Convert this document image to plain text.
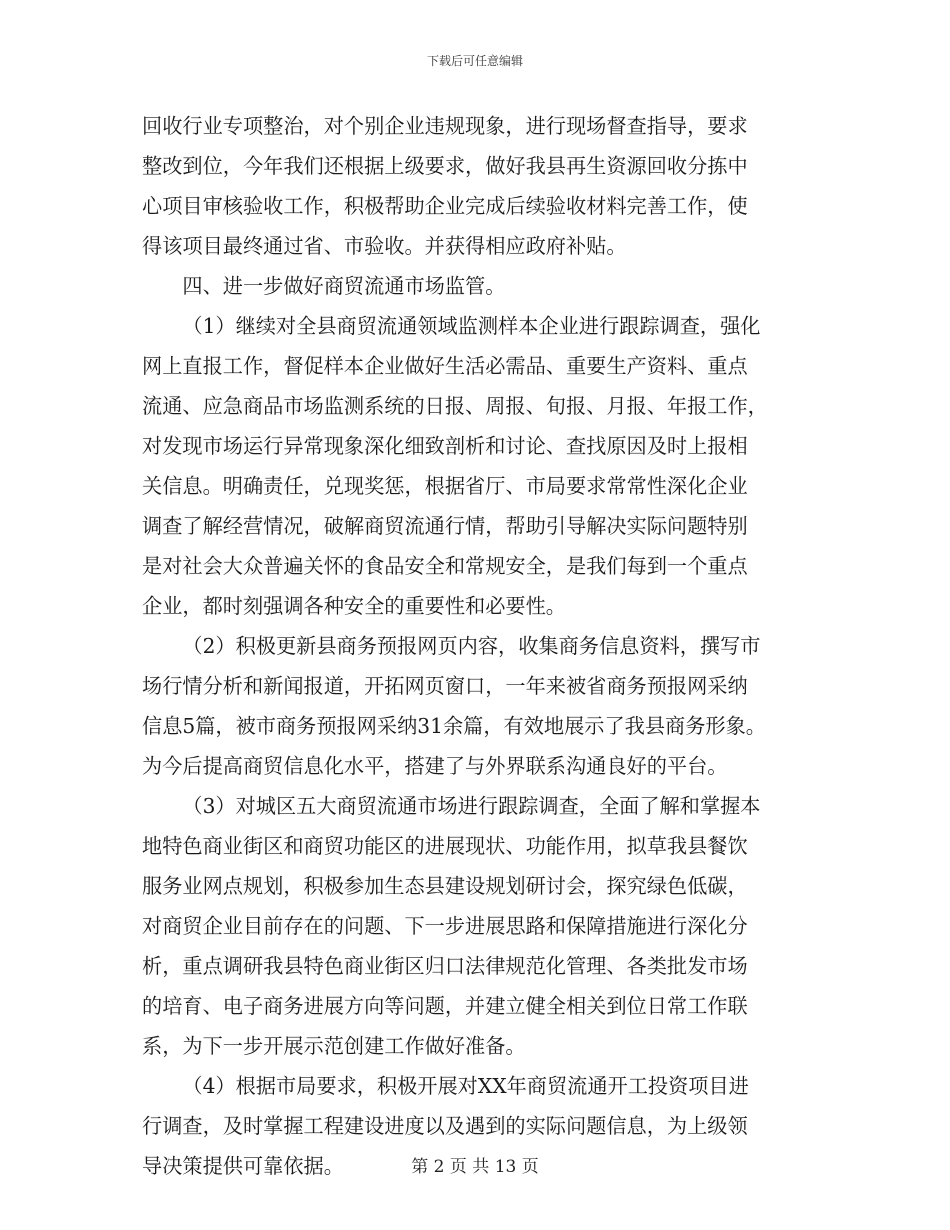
下载后可任意编辑
回收行业专项整治，对个别企业违规现象，进行现场督查指导，要求
整改到位，今年我们还根据上级要求，做好我县再生资源回收分拣中
心项目审核验收工作，积极帮助企业完成后续验收材料完善工作，使
得该项目最终通过省、市验收。并获得相应政府补贴。
四、进一步做好商贸流通市场监管。
（1）继续对全县商贸流通领域监测样本企业进行跟踪调查，强化
网上直报工作，督促样本企业做好生活必需品、重要生产资料、重点
流通、应急商品市场监测系统的日报、周报、旬报、月报、年报工作，
对发现市场运行异常现象深化细致剖析和讨论、查找原因及时上报相
关信息。明确责任，兑现奖惩，根据省厅、市局要求常常性深化企业
调查了解经营情况，破解商贸流通行情，帮助引导解决实际问题特别
是对社会大众普遍关怀的食品安全和常规安全，是我们每到一个重点
企业，都时刻强调各种安全的重要性和必要性。
（2）积极更新县商务预报网页内容，收集商务信息资料，撰写市
场行情分析和新闻报道，开拓网页窗口，一年来被省商务预报网采纳
信息5篇，被市商务预报网采纳31余篇，有效地展示了我县商务形象。
为今后提高商贸信息化水平，搭建了与外界联系沟通良好的平台。
（3）对城区五大商贸流通市场进行跟踪调查，全面了解和掌握本
地特色商业街区和商贸功能区的进展现状、功能作用，拟草我县餐饮
服务业网点规划，积极参加生态县建设规划研讨会，探究绿色低碳，
对商贸企业目前存在的问题、下一步进展思路和保障措施进行深化分
析，重点调研我县特色商业街区归口法律规范化管理、各类批发市场
的培育、电子商务进展方向等问题，并建立健全相关到位日常工作联
系，为下一步开展示范创建工作做好准备。
（4）根据市局要求，积极开展对XX年商贸流通开工投资项目进
行调查，及时掌握工程建设进度以及遇到的实际问题信息，为上级领
导决策提供可靠依据。	第 2 页 共 13 页
